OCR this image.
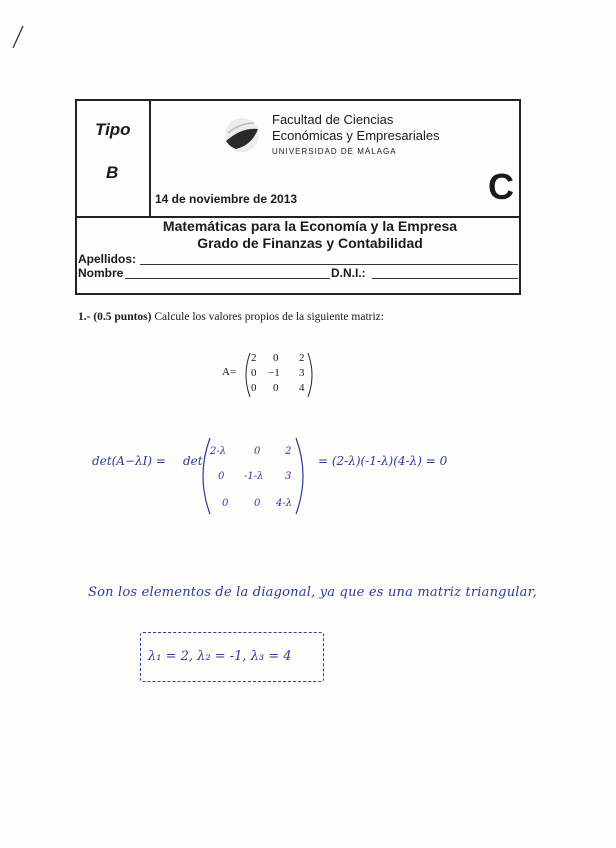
Tipo
B
Facultad de Ciencias
Económicas y Empresariales
UNIVERSIDAD DE MÁLAGA
14 de noviembre de 2013	C
Matemáticas para la Economía y la Empresa
Grado de Finanzas y Contabilidad
Apellidos:
Nombre	D.N.I.:
1.- (0.5 puntos) Calcule los valores propios de la siguiente matriz:
A=
2 0 2
0 −1 3
0 0 4
det(A−λI) = det
2-λ	0 2
0 -1-λ 3
0	0 4-λ
= (2-λ)(-1-λ)(4-λ) = 0
Son los elementos de la diagonal, ya que es una matriz triangular,
λ₁ = 2, λ₂ = -1, λ₃ = 4
